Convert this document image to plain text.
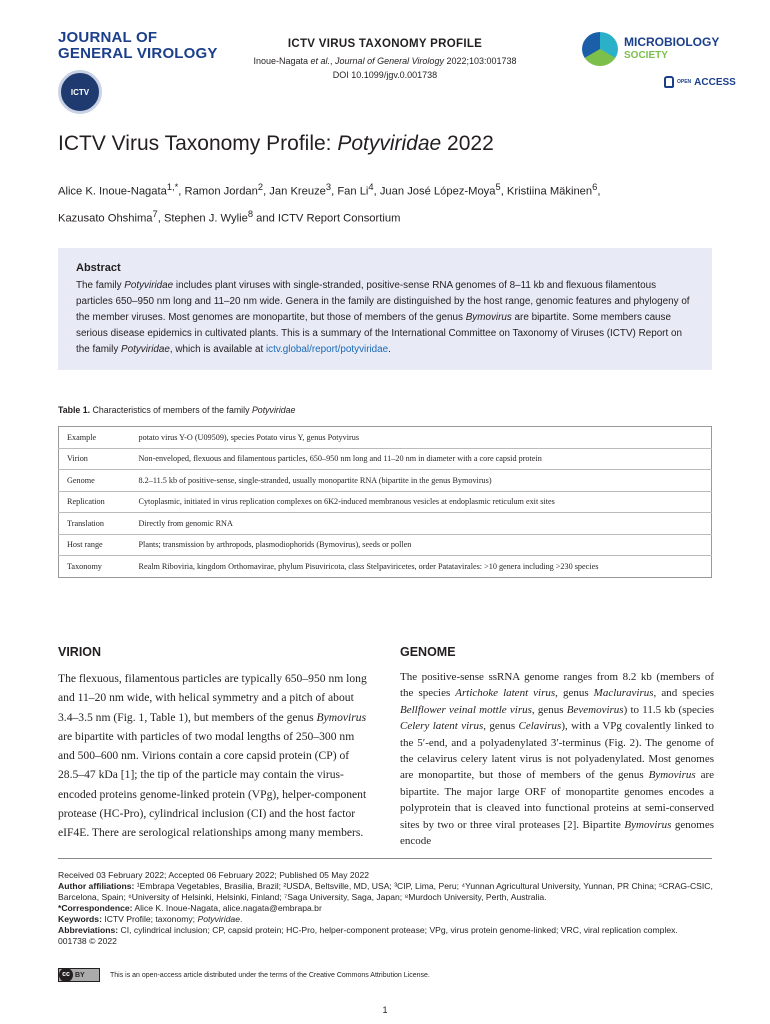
JOURNAL OF
GENERAL VIROLOGY
ICTV
ICTV VIRUS TAXONOMY PROFILE
Inoue-Nagata et al., Journal of General Virology 2022;103:001738
DOI 10.1099/jgv.0.001738
MICROBIOLOGY
SOCIETY
OPEN ACCESS
ICTV Virus Taxonomy Profile: Potyviridae 2022
Alice K. Inoue-Nagata$^{1,*}$, Ramon Jordan$^2$, Jan Kreuze$^3$, Fan Li$^4$, Juan José López-Moya$^5$, Kristiina Mäkinen$^6$,
Kazusato Ohshima$^7$, Stephen J. Wylie$^8$ and ICTV Report Consortium
Abstract

The family Potyviridae includes plant viruses with single-stranded, positive-sense RNA genomes of 8–11 kb and flexuous filamentous particles 650–950 nm long and 11–20 nm wide. Genera in the family are distinguished by the host range, genomic features and phylogeny of the member viruses. Most genomes are monopartite, but those of members of the genus Bymovirus are bipartite. Some members cause serious disease epidemics in cultivated plants. This is a summary of the International Committee on Taxonomy of Viruses (ICTV) Report on the family Potyviridae, which is available at ictv.global/report/potyviridae.

Table 1. Characteristics of members of the family Potyviridae
Example	potato virus Y-O (U09509), species Potato virus Y, genus Potyvirus
Virion	Non-enveloped, flexuous and filamentous particles, 650–950 nm long and 11–20 nm in diameter with a core capsid protein
Genome	8.2–11.5 kb of positive-sense, single-stranded, usually monopartite RNA (bipartite in the genus Bymovirus)
Replication	Cytoplasmic, initiated in virus replication complexes on 6K2-induced membranous vesicles at endoplasmic reticulum exit sites
Translation	Directly from genomic RNA
Host range	Plants; transmission by arthropods, plasmodiophorids (Bymovirus), seeds or pollen
Taxonomy	Realm Riboviria, kingdom Orthornavirae, phylum Pisuviricota, class Stelpaviricetes, order Patatavirales: >10 genera including >230 species
VIRION

The flexuous, filamentous particles are typically 650–950 nm long and 11–20 nm wide, with helical symmetry and a pitch of about 3.4–3.5 nm (Fig. 1, Table 1), but members of the genus Bymovirus are bipartite with particles of two modal lengths of 250–300 nm and 500–600 nm. Virions contain a core capsid protein (CP) of 28.5–47 kDa [1]; the tip of the particle may contain the virus-encoded proteins genome-linked protein (VPg), helper-component protease (HC-Pro), cylindrical inclusion (CI) and the host factor eIF4E. There are serological relationships among many members.

GENOME

The positive-sense ssRNA genome ranges from 8.2 kb (members of the species Artichoke latent virus, genus Macluravirus, and species Bellflower veinal mottle virus, genus Bevemovirus) to 11.5 kb (species Celery latent virus, genus Celavirus), with a VPg covalently linked to the 5′-end, and a polyadenylated 3′-terminus (Fig. 2). The genome of the celavirus celery latent virus is not polyadenylated. Most genomes are monopartite, but those of members of the genus Bymovirus are bipartite. The major large ORF of monopartite genomes encodes a polyprotein that is cleaved into functional proteins at semi-conserved sites by two or three viral proteases [2]. Bipartite Bymovirus genomes encode

Received 03 February 2022; Accepted 06 February 2022; Published 05 May 2022
Author affiliations: ¹Embrapa Vegetables, Brasilia, Brazil; ²USDA, Beltsville, MD, USA; ³CIP, Lima, Peru; ⁴Yunnan Agricultural University, Yunnan, PR China; ⁵CRAG-CSIC, Barcelona, Spain; ⁶University of Helsinki, Helsinki, Finland; ⁷Saga University, Saga, Japan; ⁸Murdoch University, Perth, Australia.
*Correspondence: Alice K. Inoue-Nagata, alice.nagata@embrapa.br
Keywords: ICTV Profile; taxonomy; Potyviridae.
Abbreviations: CI, cylindrical inclusion; CP, capsid protein; HC-Pro, helper-component protease; VPg, virus protein genome-linked; VRC, viral replication complex.
001738 © 2022
cc
BY	This is an open-access article distributed under the terms of the Creative Commons Attribution License.
1
